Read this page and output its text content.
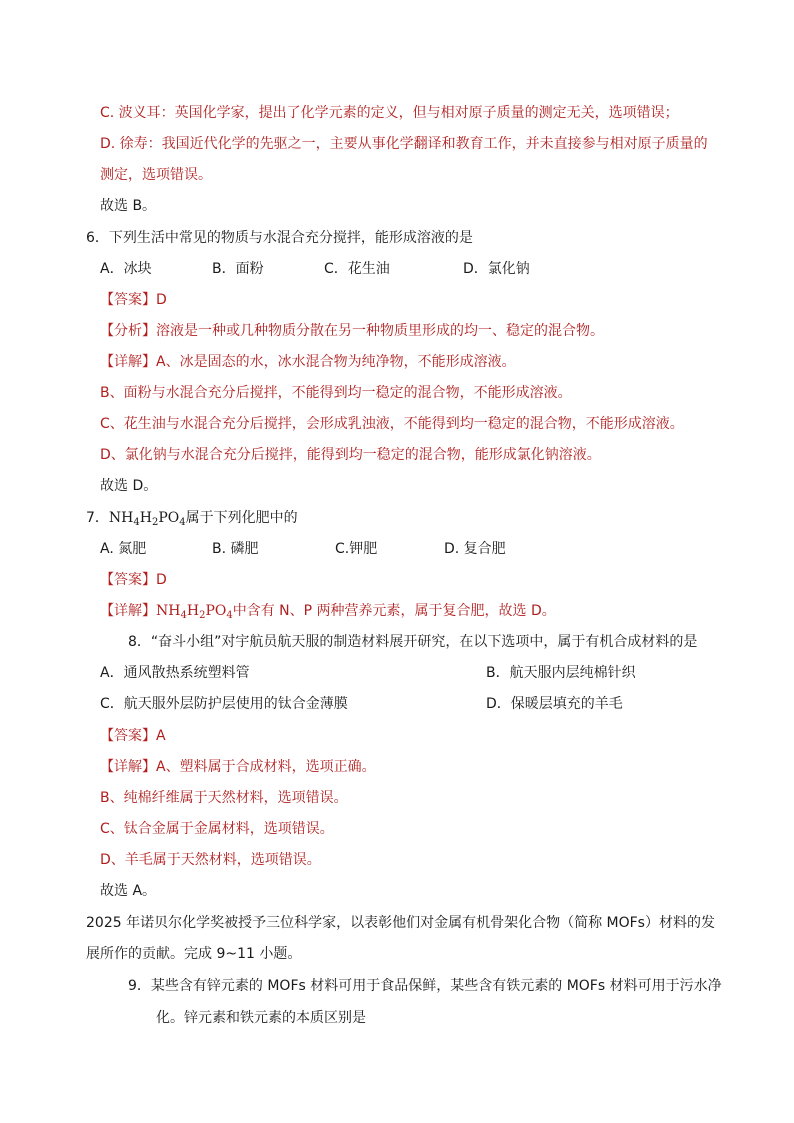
C. 波义耳：英国化学家，提出了化学元素的定义，但与相对原子质量的测定无关，选项错误；
D. 徐寿：我国近代化学的先驱之一，主要从事化学翻译和教育工作，并未直接参与相对原子质量的
测定，选项错误。
故选 B。
6．下列生活中常见的物质与水混合充分搅拌，能形成溶液的是
A．冰块	B．面粉	C．花生油	D．氯化钠
【答案】D
【分析】溶液是一种或几种物质分散在另一种物质里形成的均一、稳定的混合物。
【详解】A、冰是固态的水，冰水混合物为纯净物，不能形成溶液。
B、面粉与水混合充分后搅拌，不能得到均一稳定的混合物，不能形成溶液。
C、花生油与水混合充分后搅拌，会形成乳浊液，不能得到均一稳定的混合物，不能形成溶液。
D、氯化钠与水混合充分后搅拌，能得到均一稳定的混合物，能形成氯化钠溶液。
故选 D。
7．$NH_4H_2PO_4$属于下列化肥中的
A. 氮肥	B. 磷肥	C.钾肥	D. 复合肥
【答案】D
【详解】$NH_4H_2PO_4$中含有 N、P 两种营养元素，属于复合肥，故选 D。
8．“奋斗小组”对宇航员航天服的制造材料展开研究，在以下选项中，属于有机合成材料的是
A．通风散热系统塑料管	B．航天服内层纯棉针织
C．航天服外层防护层使用的钛合金薄膜	D．保暖层填充的羊毛
【答案】A
【详解】A、塑料属于合成材料，选项正确。
B、纯棉纤维属于天然材料，选项错误。
C、钛合金属于金属材料，选项错误。
D、羊毛属于天然材料，选项错误。
故选 A。
2025 年诺贝尔化学奖被授予三位科学家，以表彰他们对金属有机骨架化合物（简称 MOFs）材料的发
展所作的贡献。完成 9~11 小题。
9．某些含有锌元素的 MOFs 材料可用于食品保鲜，某些含有铁元素的 MOFs 材料可用于污水净
化。锌元素和铁元素的本质区别是
